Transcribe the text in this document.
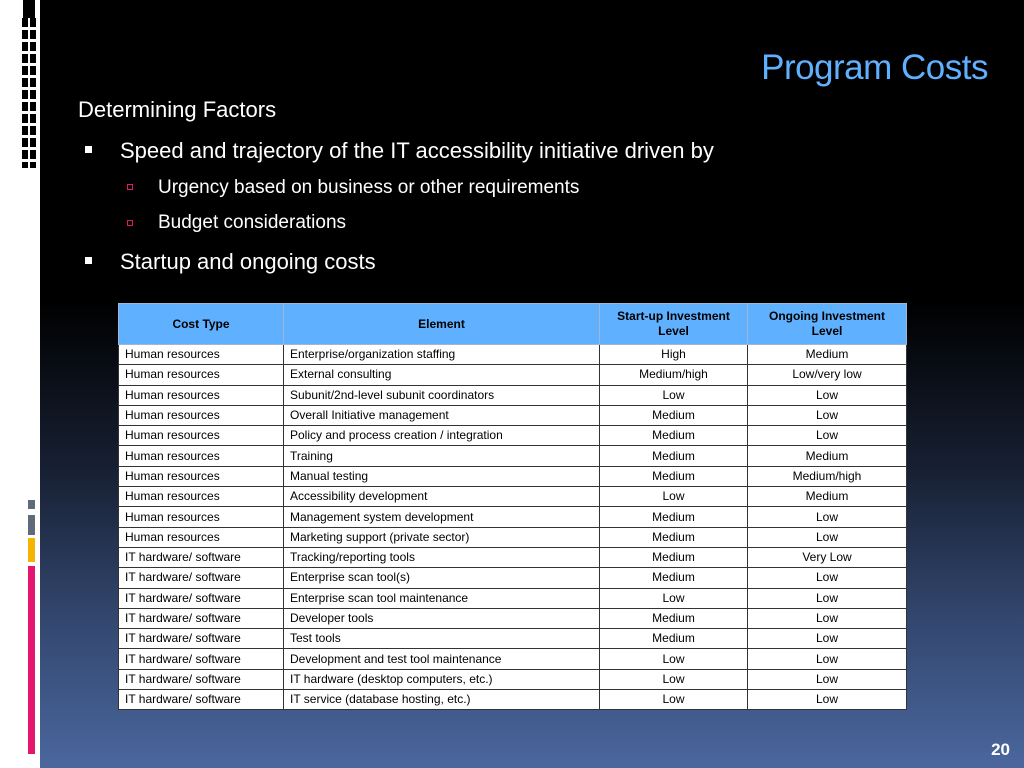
Program Costs
Determining Factors
Speed and trajectory of the IT accessibility initiative driven by
Urgency based on business or other requirements
Budget considerations
Startup and ongoing costs
Cost Type	Element	Start-up Investment Level	Ongoing Investment Level
Human resources	Enterprise/organization staffing	High	Medium
Human resources	External consulting	Medium/high	Low/very low
Human resources	Subunit/2nd-level subunit coordinators	Low	Low
Human resources	Overall Initiative management	Medium	Low
Human resources	Policy and process creation / integration	Medium	Low
Human resources	Training	Medium	Medium
Human resources	Manual testing	Medium	Medium/high
Human resources	Accessibility development	Low	Medium
Human resources	Management system development	Medium	Low
Human resources	Marketing support (private sector)	Medium	Low
IT hardware/ software	Tracking/reporting tools	Medium	Very Low
IT hardware/ software	Enterprise scan tool(s)	Medium	Low
IT hardware/ software	Enterprise scan tool maintenance	Low	Low
IT hardware/ software	Developer tools	Medium	Low
IT hardware/ software	Test tools	Medium	Low
IT hardware/ software	Development and test tool maintenance	Low	Low
IT hardware/ software	IT hardware (desktop computers, etc.)	Low	Low
IT hardware/ software	IT service (database hosting, etc.)	Low	Low
20
